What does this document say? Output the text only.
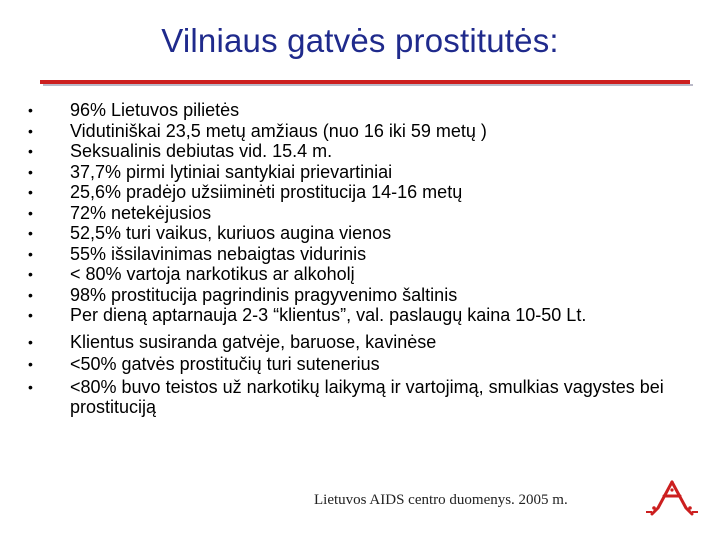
Vilniaus gatvės prostitutės:
• 96% Lietuvos pilietės
• Vidutiniškai 23,5 metų amžiaus (nuo 16 iki 59 metų )
• Seksualinis debiutas vid. 15.4 m.
• 37,7% pirmi lytiniai santykiai prievartiniai
• 25,6% pradėjo užsiiminėti prostitucija 14-16 metų
• 72% netekėjusios
• 52,5% turi vaikus, kuriuos augina vienos
• 55% išsilavinimas nebaigtas vidurinis
• < 80% vartoja narkotikus ar alkoholį
• 98% prostitucija pagrindinis pragyvenimo šaltinis
• Per dieną aptarnauja 2-3 “klientus”, val. paslaugų kaina 10-50 Lt.
• Klientus susiranda gatvėje, baruose, kavinėse
• <50% gatvės prostitučių turi sutenerius
• <80% buvo teistos už narkotikų laikymą ir vartojimą, smulkias vagystes bei prostituciją
Lietuvos AIDS centro duomenys. 2005 m.
